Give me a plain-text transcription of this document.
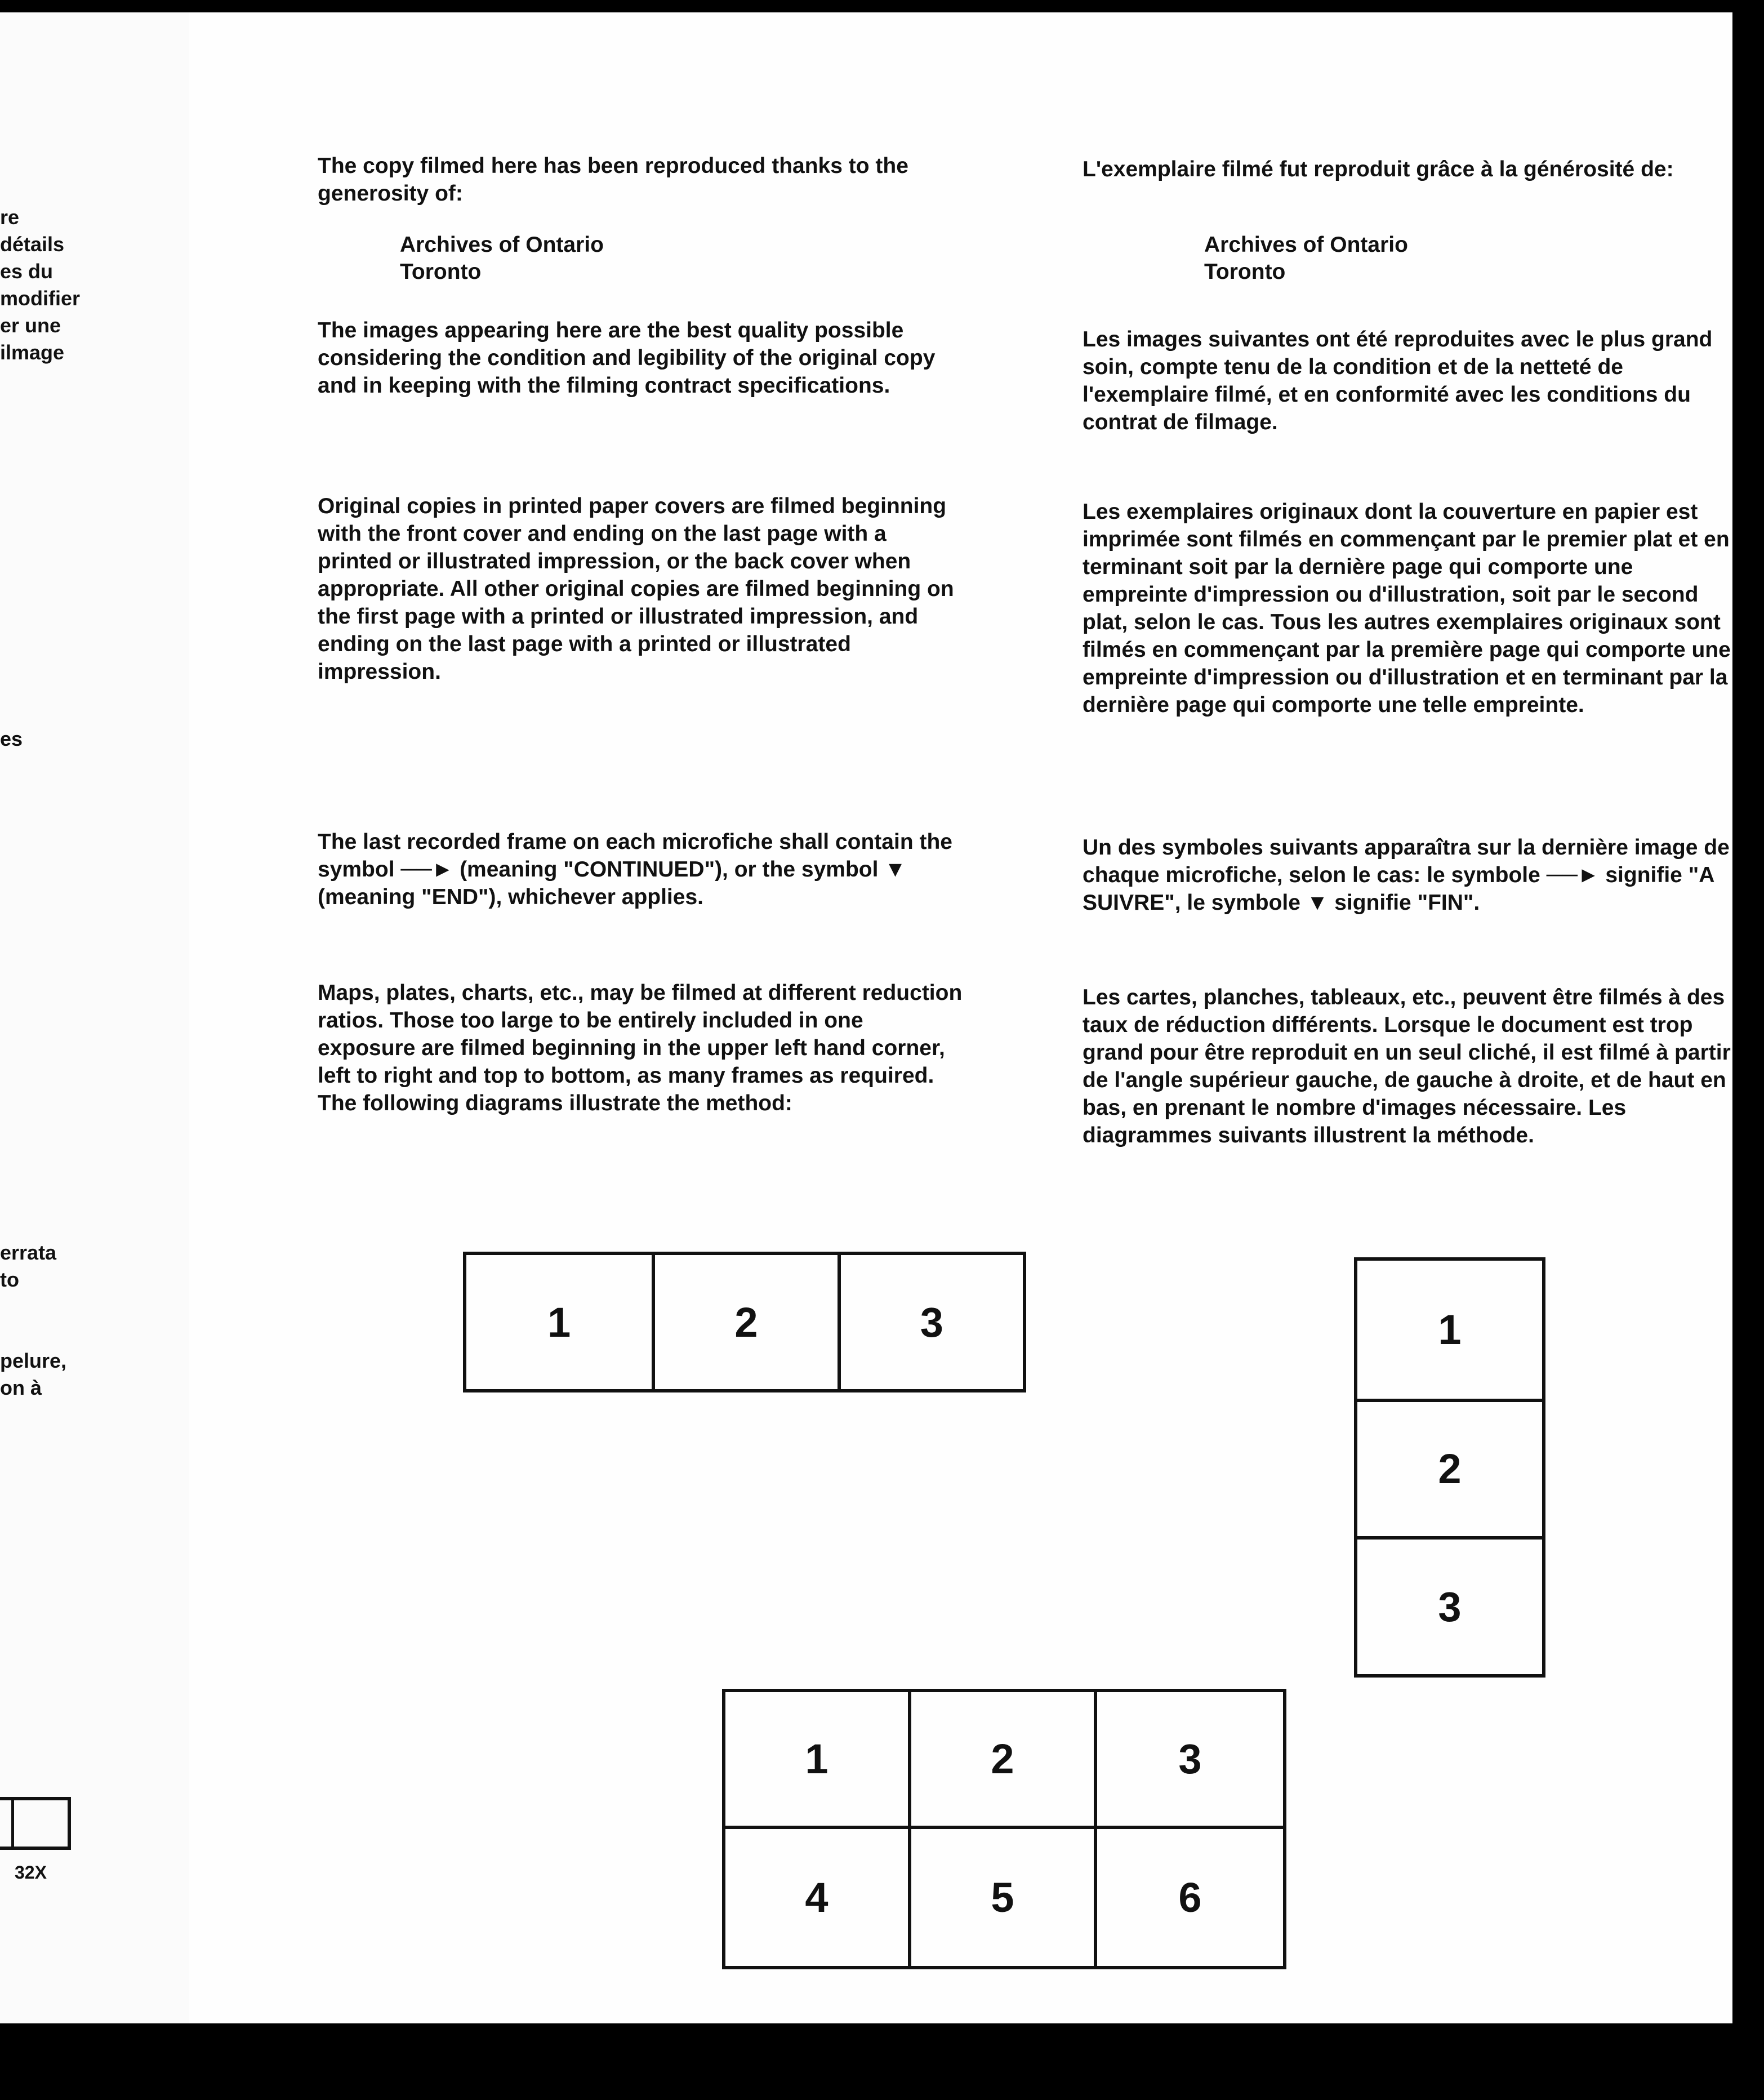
re
détails
es du
modifier
er une
ilmage
es
errata
to
pelure,
on à
32X

The copy filmed here has been reproduced thanks to the generosity of:

Archives of Ontario

Toronto

The images appearing here are the best quality possible considering the condition and legibility of the original copy and in keeping with the filming contract specifications.

Original copies in printed paper covers are filmed beginning with the front cover and ending on the last page with a printed or illustrated impression, or the back cover when appropriate. All other original copies are filmed beginning on the first page with a printed or illustrated impression, and ending on the last page with a printed or illustrated impression.

The last recorded frame on each microfiche shall contain the symbol ──► (meaning "CONTINUED"), or the symbol ▼ (meaning "END"), whichever applies.

Maps, plates, charts, etc., may be filmed at different reduction ratios. Those too large to be entirely included in one exposure are filmed beginning in the upper left hand corner, left to right and top to bottom, as many frames as required. The following diagrams illustrate the method:

L'exemplaire filmé fut reproduit grâce à la générosité de:

Archives of Ontario

Toronto

Les images suivantes ont été reproduites avec le plus grand soin, compte tenu de la condition et de la netteté de l'exemplaire filmé, et en conformité avec les conditions du contrat de filmage.

Les exemplaires originaux dont la couverture en papier est imprimée sont filmés en commençant par le premier plat et en terminant soit par la dernière page qui comporte une empreinte d'impression ou d'illustration, soit par le second plat, selon le cas. Tous les autres exemplaires originaux sont filmés en commençant par la première page qui comporte une empreinte d'impression ou d'illustration et en terminant par la dernière page qui comporte une telle empreinte.

Un des symboles suivants apparaîtra sur la dernière image de chaque microfiche, selon le cas: le symbole ──► signifie "A SUIVRE", le symbole ▼ signifie "FIN".

Les cartes, planches, tableaux, etc., peuvent être filmés à des taux de réduction différents. Lorsque le document est trop grand pour être reproduit en un seul cliché, il est filmé à partir de l'angle supérieur gauche, de gauche à droite, et de haut en bas, en prenant le nombre d'images nécessaire. Les diagrammes suivants illustrent la méthode.

1	2	3	1
2
3
1	2	3
4	5	6
